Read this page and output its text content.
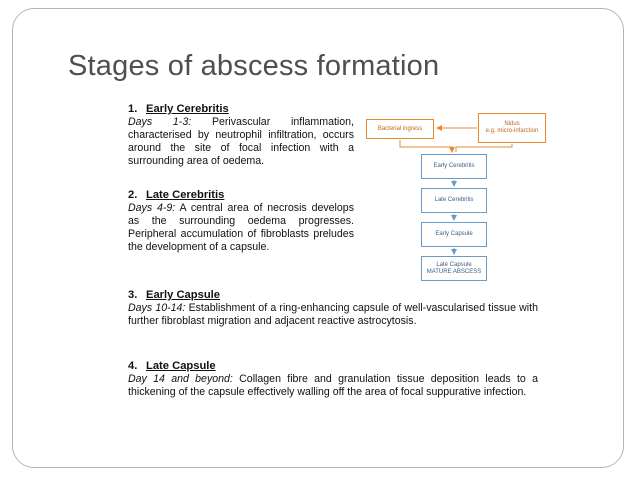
Stages of abscess formation
1. Early Cerebritis

Days 1-3: Perivascular inflammation, characterised by neutrophil infiltration, occurs around the site of focal infection with a surrounding area of oedema.

2. Late Cerebritis

Days 4-9: A central area of necrosis develops as the surrounding oedema progresses. Peripheral accumulation of fibroblasts preludes the development of a capsule.

3. Early Capsule

Days 10-14: Establishment of a ring-enhancing capsule of well-vascularised tissue with further fibroblast migration and adjacent reactive astrocytosis.

4. Late Capsule

Day 14 and beyond: Collagen fibre and granulation tissue deposition leads to a thickening of the capsule effectively walling off the area of focal suppurative infection.

Bacterial ingress
Nidus
e.g. micro-infarction
Early Cerebritis
Late Cerebritis
Early Capsule
Late Capsule
MATURE ABSCESS
